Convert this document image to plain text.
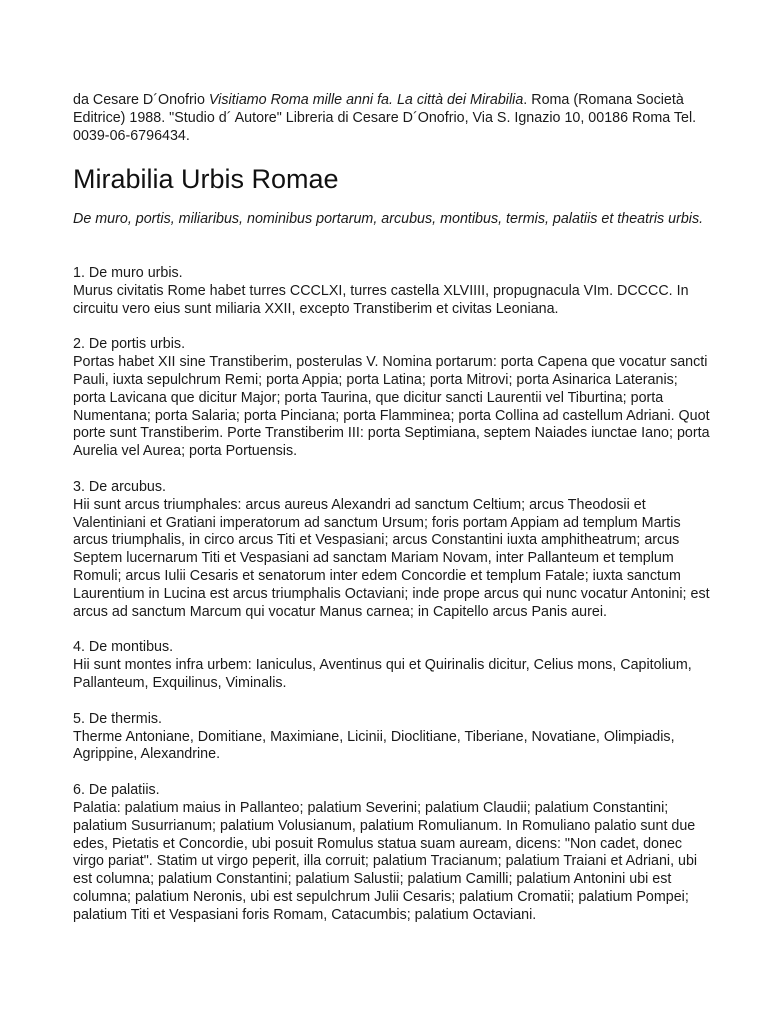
da Cesare D´Onofrio Visitiamo Roma mille anni fa. La città dei Mirabilia. Roma (Romana Società Editrice) 1988. "Studio d´ Autore" Libreria di Cesare D´Onofrio, Via S. Ignazio 10, 00186 Roma Tel. 0039-06-6796434.

Mirabilia Urbis Romae

De muro, portis, miliaribus, nominibus portarum, arcubus, montibus, termis, palatiis et theatris urbis.

1. De muro urbis.

Murus civitatis Rome habet turres CCCLXI, turres castella XLVIIII, propugnacula VIm. DCCCC. In circuitu vero eius sunt miliaria XXII, excepto Transtiberim et civitas Leoniana.

2. De portis urbis.

Portas habet XII sine Transtiberim, posterulas V. Nomina portarum: porta Capena que vocatur sancti Pauli, iuxta sepulchrum Remi; porta Appia; porta Latina; porta Mitrovi; porta Asinarica Lateranis; porta Lavicana que dicitur Major; porta Taurina, que dicitur sancti Laurentii vel Tiburtina; porta Numentana; porta Salaria; porta Pinciana; porta Flamminea; porta Collina ad castellum Adriani. Quot porte sunt Transtiberim. Porte Transtiberim III: porta Septimiana, septem Naiades iunctae Iano; porta Aurelia vel Aurea; porta Portuensis.

3. De arcubus.

Hii sunt arcus triumphales: arcus aureus Alexandri ad sanctum Celtium; arcus Theodosii et Valentiniani et Gratiani imperatorum ad sanctum Ursum; foris portam Appiam ad templum Martis arcus triumphalis, in circo arcus Titi et Vespasiani; arcus Constantini iuxta amphitheatrum; arcus Septem lucernarum Titi et Vespasiani ad sanctam Mariam Novam, inter Pallanteum et templum Romuli; arcus Iulii Cesaris et senatorum inter edem Concordie et templum Fatale; iuxta sanctum Laurentium in Lucina est arcus triumphalis Octaviani; inde prope arcus qui nunc vocatur Antonini; est arcus ad sanctum Marcum qui vocatur Manus carnea; in Capitello arcus Panis aurei.

4. De montibus.

Hii sunt montes infra urbem: Ianiculus, Aventinus qui et Quirinalis dicitur, Celius mons, Capitolium, Pallanteum, Exquilinus, Viminalis.

5. De thermis.

Therme Antoniane, Domitiane, Maximiane, Licinii, Dioclitiane, Tiberiane, Novatiane, Olimpiadis, Agrippine, Alexandrine.

6. De palatiis.

Palatia: palatium maius in Pallanteo; palatium Severini; palatium Claudii; palatium Constantini; palatium Susurrianum; palatium Volusianum, palatium Romulianum. In Romuliano palatio sunt due edes, Pietatis et Concordie, ubi posuit Romulus statua suam auream, dicens: "Non cadet, donec virgo pariat". Statim ut virgo peperit, illa corruit; palatium Tracianum; palatium Traiani et Adriani, ubi est columna; palatium Constantini; palatium Salustii; palatium Camilli; palatium Antonini ubi est columna; palatium Neronis, ubi est sepulchrum Julii Cesaris; palatium Cromatii; palatium Pompei; palatium Titi et Vespasiani foris Romam, Catacumbis; palatium Octaviani.
